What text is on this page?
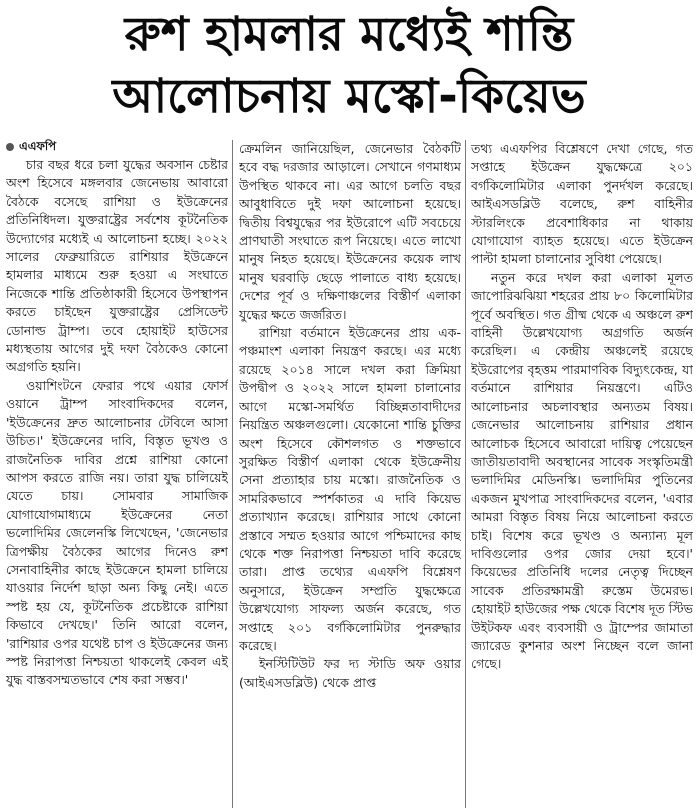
রুশ হামলার মধ্যেই শান্তি
আলোচনায় মস্কো-কিয়েভ
এএফপি

চার বছর ধরে চলা যুদ্ধের অবসান চেষ্টার অংশ হিসেবে মঙ্গলবার জেনেভায় আবারো বৈঠকে বসেছে রাশিয়া ও ইউক্রেনের প্রতিনিধিদল। যুক্তরাষ্ট্রের সর্বশেষ কূটনৈতিক উদ্যোগের মধ্যেই এ আলোচনা হচ্ছে। ২০২২ সালের ফেব্রুয়ারিতে রাশিয়ার ইউক্রেনে হামলার মাধ্যমে শুরু হওয়া এ সংঘাতে নিজেকে শান্তি প্রতিষ্ঠাকারী হিসেবে উপস্থাপন করতে চাইছেন যুক্তরাষ্ট্রের প্রেসিডেন্ট ডোনাল্ড ট্রাম্প। তবে হোয়াইট হাউসের মধ্যস্থতায় আগের দুই দফা বৈঠকেও কোনো অগ্রগতি হয়নি।

ওয়াশিংটনে ফেরার পথে এয়ার ফোর্স ওয়ানে ট্রাম্প সাংবাদিকদের বলেন, 'ইউক্রেনের দ্রুত আলোচনার টেবিলে আসা উচিত।' ইউক্রেনের দাবি, বিস্তৃত ভূখণ্ড ও রাজনৈতিক দাবির প্রশ্নে রাশিয়া কোনো আপস করতে রাজি নয়। তারা যুদ্ধ চালিয়েই যেতে চায়। সোমবার সামাজিক যোগাযোগমাধ্যমে ইউক্রেনের নেতা ভলোদিমির জেলেনস্কি লিখেছেন, 'জেনেভার ত্রিপক্ষীয় বৈঠকের আগের দিনেও রুশ সেনাবাহিনীর কাছে ইউক্রেনে হামলা চালিয়ে যাওয়ার নির্দেশ ছাড়া অন্য কিছু নেই। এতে স্পষ্ট হয় যে, কূটনৈতিক প্রচেষ্টাকে রাশিয়া কিভাবে দেখছে।' তিনি আরো বলেন, 'রাশিয়ার ওপর যথেষ্ট চাপ ও ইউক্রেনের জন্য স্পষ্ট নিরাপত্তা নিশ্চয়তা থাকলেই কেবল এই যুদ্ধ বাস্তবসম্মতভাবে শেষ করা সম্ভব।'

ক্রেমলিন জানিয়েছিল, জেনেভার বৈঠকটি হবে বদ্ধ দরজার আড়ালে। সেখানে গণমাধ্যম উপস্থিত থাকবে না। এর আগে চলতি বছর আবুধাবিতে দুই দফা আলোচনা হয়েছে। দ্বিতীয় বিশ্বযুদ্ধের পর ইউরোপে এটি সবচেয়ে প্রাণঘাতী সংঘাতে রূপ নিয়েছে। এতে লাখো মানুষ নিহত হয়েছে। ইউক্রেনের কয়েক লাখ মানুষ ঘরবাড়ি ছেড়ে পালাতে বাধ্য হয়েছে। দেশের পূর্ব ও দক্ষিণাঞ্চলের বিস্তীর্ণ এলাকা যুদ্ধের ক্ষতে জর্জরিত।

রাশিয়া বর্তমানে ইউক্রেনের প্রায় এক-পঞ্চমাংশ এলাকা নিয়ন্ত্রণ করছে। এর মধ্যে রয়েছে ২০১৪ সালে দখল করা ক্রিমিয়া উপদ্বীপ ও ২০২২ সালে হামলা চালানোর আগে মস্কো-সমর্থিত বিচ্ছিন্নতাবাদীদের নিয়ন্ত্রিত অঞ্চলগুলো। যেকোনো শান্তি চুক্তির অংশ হিসেবে কৌশলগত ও শক্তভাবে সুরক্ষিত বিস্তীর্ণ এলাকা থেকে ইউক্রেনীয় সেনা প্রত্যাহার চায় মস্কো। রাজনৈতিক ও সামরিকভাবে স্পর্শকাতর এ দাবি কিয়েভ প্রত্যাখ্যান করেছে। রাশিয়ার সাথে কোনো প্রস্তাবে সম্মত হওয়ার আগে পশ্চিমাদের কাছ থেকে শক্ত নিরাপত্তা নিশ্চয়তা দাবি করেছে তারা। প্রাপ্ত তথ্যের এএফপি বিশ্লেষণ অনুসারে, ইউক্রেন সম্প্রতি যুদ্ধক্ষেত্রে উল্লেখযোগ্য সাফল্য অর্জন করেছে, গত সপ্তাহে ২০১ বর্গকিলোমিটার পুনরুদ্ধার করেছে।

ইনস্টিটিউট ফর দ্য স্টাডি অফ ওয়ার (আইএসডব্লিউ) থেকে প্রাপ্ত

তথ্য এএফপির বিশ্লেষণে দেখা গেছে, গত সপ্তাহে ইউক্রেন যুদ্ধক্ষেত্রে ২০১ বর্গকিলোমিটার এলাকা পুনর্দখল করেছে। আইএসডব্লিউ বলেছে, রুশ বাহিনীর স্টারলিংকে প্রবেশাধিকার না থাকায় যোগাযোগ ব্যাহত হয়েছে। এতে ইউক্রেন পাল্টা হামলা চালানোর সুবিধা পেয়েছে।

নতুন করে দখল করা এলাকা মূলত জাপোরিঝঝিয়া শহরের প্রায় ৮০ কিলোমিটার পূর্বে অবস্থিত। গত গ্রীষ্ম থেকে এ অঞ্চলে রুশ বাহিনী উল্লেখযোগ্য অগ্রগতি অর্জন করেছিল। এ কেন্দ্রীয় অঞ্চলেই রয়েছে ইউরোপের বৃহত্তম পারমাণবিক বিদ্যুৎকেন্দ্র, যা বর্তমানে রাশিয়ার নিয়ন্ত্রণে। এটিও আলোচনার অচলাবস্থার অন্যতম বিষয়। জেনেভার আলোচনায় রাশিয়ার প্রধান আলোচক হিসেবে আবারো দায়িত্ব পেয়েছেন জাতীয়তাবাদী অবস্থানের সাবেক সংস্কৃতিমন্ত্রী ভলাদিমির মেডিনস্কি। ভলাদিমির পুতিনের একজন মুখপাত্র সাংবাদিকদের বলেন, 'এবার আমরা বিস্তৃত বিষয় নিয়ে আলোচনা করতে চাই। বিশেষ করে ভূখণ্ড ও অন্যান্য মূল দাবিগুলোর ওপর জোর দেয়া হবে।' কিয়েভের প্রতিনিধি দলের নেতৃত্ব দিচ্ছেন সাবেক প্রতিরক্ষামন্ত্রী রুস্তেম উমেরভ। হোয়াইট হাউজের পক্ষ থেকে বিশেষ দূত স্টিভ উইটকফ এবং ব্যবসায়ী ও ট্রাম্পের জামাতা জ্যারেড কুশনার অংশ নিচ্ছেন বলে জানা গেছে।
